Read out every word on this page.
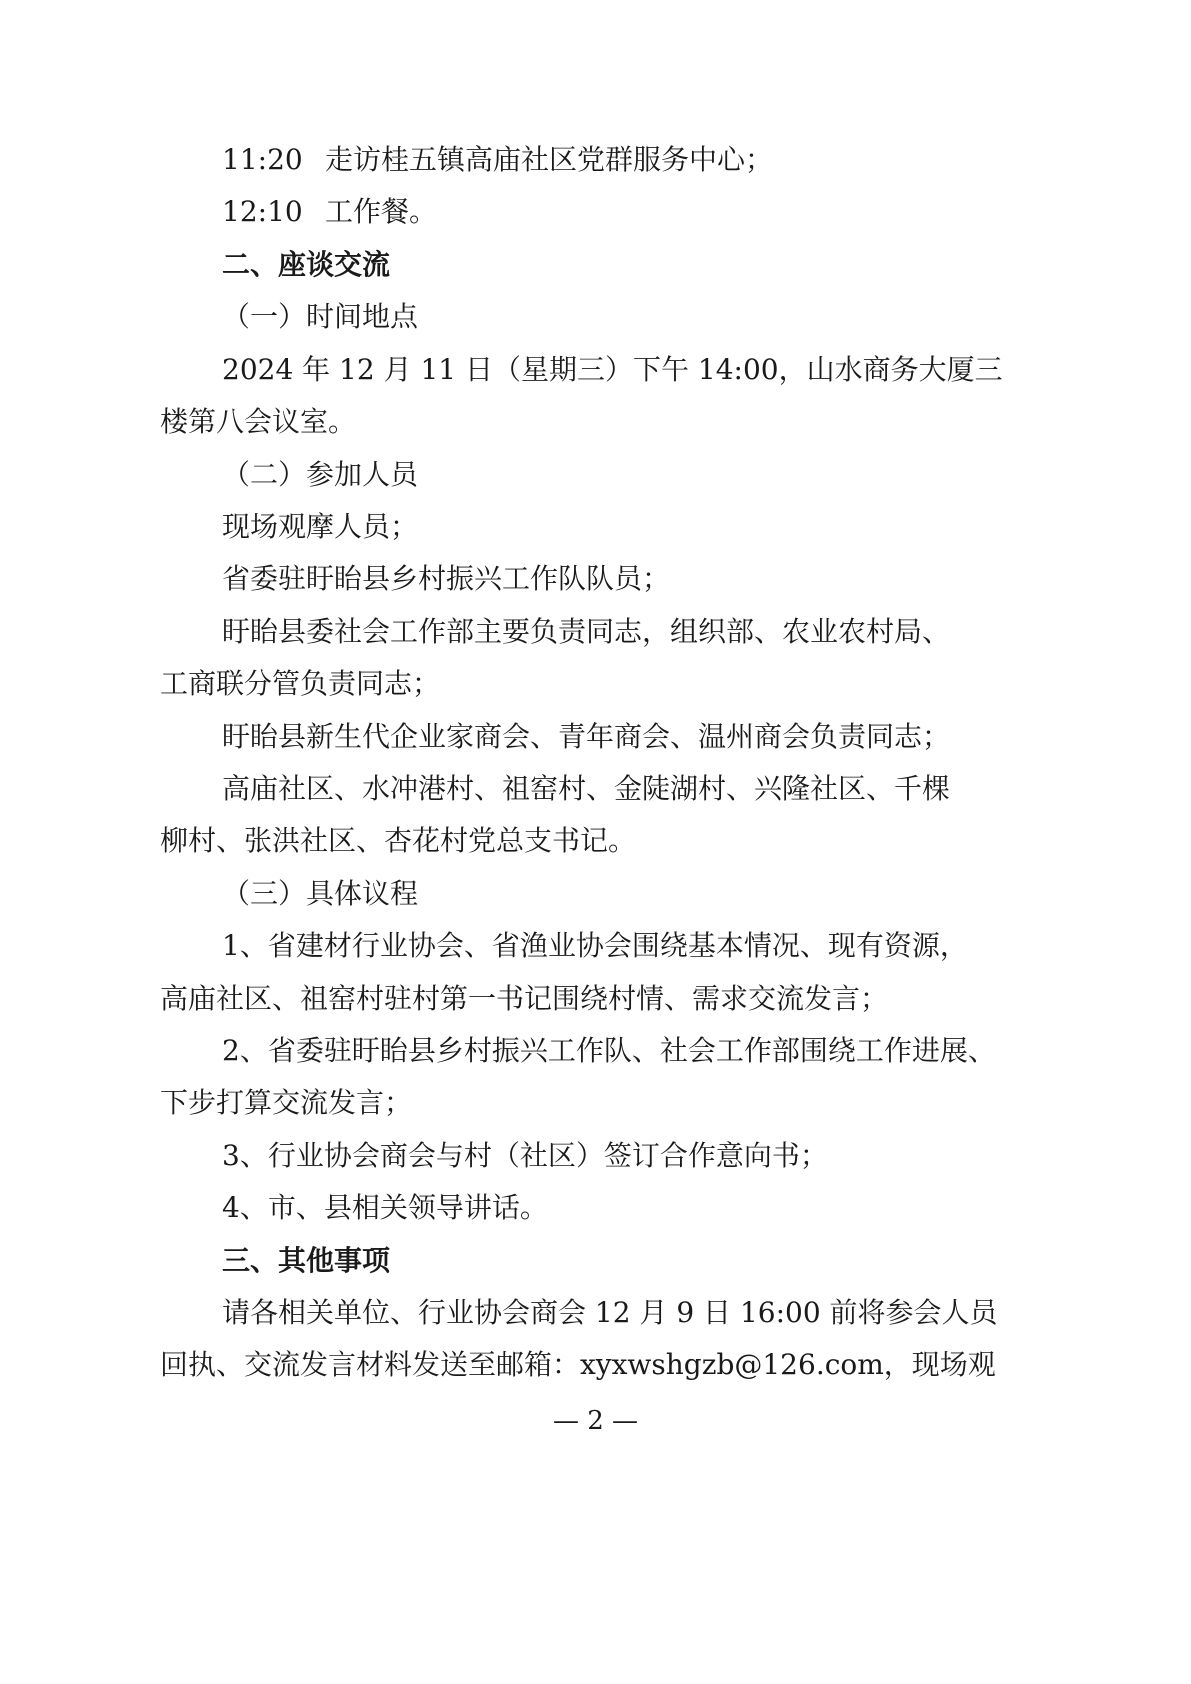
11:20 走访桂五镇高庙社区党群服务中心；
12:10 工作餐。
二、座谈交流
（一）时间地点
2024 年 12 月 11 日（星期三）下午 14:00，山水商务大厦三
楼第八会议室。
（二）参加人员
现场观摩人员；
省委驻盱眙县乡村振兴工作队队员；
盱眙县委社会工作部主要负责同志，组织部、农业农村局、
工商联分管负责同志；
盱眙县新生代企业家商会、青年商会、温州商会负责同志；
高庙社区、水冲港村、祖窑村、金陡湖村、兴隆社区、千棵
柳村、张洪社区、杏花村党总支书记。
（三）具体议程
1、省建材行业协会、省渔业协会围绕基本情况、现有资源，
高庙社区、祖窑村驻村第一书记围绕村情、需求交流发言；
2、省委驻盱眙县乡村振兴工作队、社会工作部围绕工作进展、
下步打算交流发言；
3、行业协会商会与村（社区）签订合作意向书；
4、市、县相关领导讲话。
三、其他事项
请各相关单位、行业协会商会 12 月 9 日 16:00 前将参会人员
回执、交流发言材料发送至邮箱：xyxwshgzb@126.com，现场观
— 2 —
